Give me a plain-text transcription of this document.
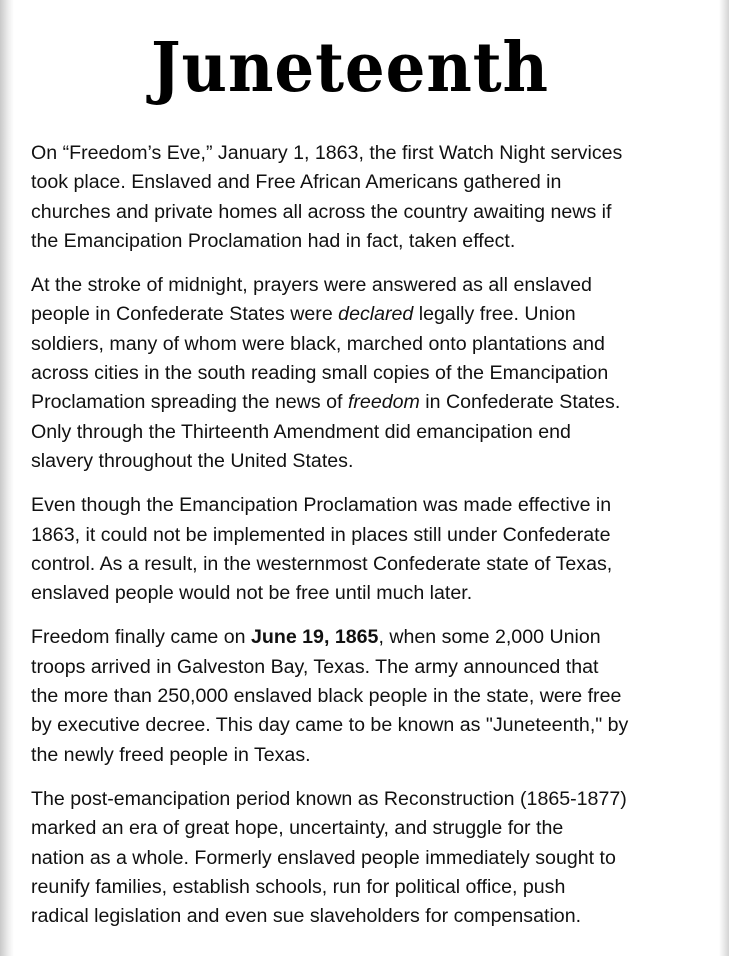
Juneteenth
On “Freedom’s Eve,” January 1, 1863, the first Watch Night services
took place. Enslaved and Free African Americans gathered in
churches and private homes all across the country awaiting news if
the Emancipation Proclamation had in fact, taken effect.
At the stroke of midnight, prayers were answered as all enslaved
people in Confederate States were declared legally free. Union
soldiers, many of whom were black, marched onto plantations and
across cities in the south reading small copies of the Emancipation
Proclamation spreading the news of freedom in Confederate States.
Only through the Thirteenth Amendment did emancipation end
slavery throughout the United States.
Even though the Emancipation Proclamation was made effective in
1863, it could not be implemented in places still under Confederate
control. As a result, in the westernmost Confederate state of Texas,
enslaved people would not be free until much later.
Freedom finally came on June 19, 1865, when some 2,000 Union
troops arrived in Galveston Bay, Texas. The army announced that
the more than 250,000 enslaved black people in the state, were free
by executive decree. This day came to be known as "Juneteenth," by
the newly freed people in Texas.
The post-emancipation period known as Reconstruction (1865-1877)
marked an era of great hope, uncertainty, and struggle for the
nation as a whole. Formerly enslaved people immediately sought to
reunify families, establish schools, run for political office, push
radical legislation and even sue slaveholders for compensation.
